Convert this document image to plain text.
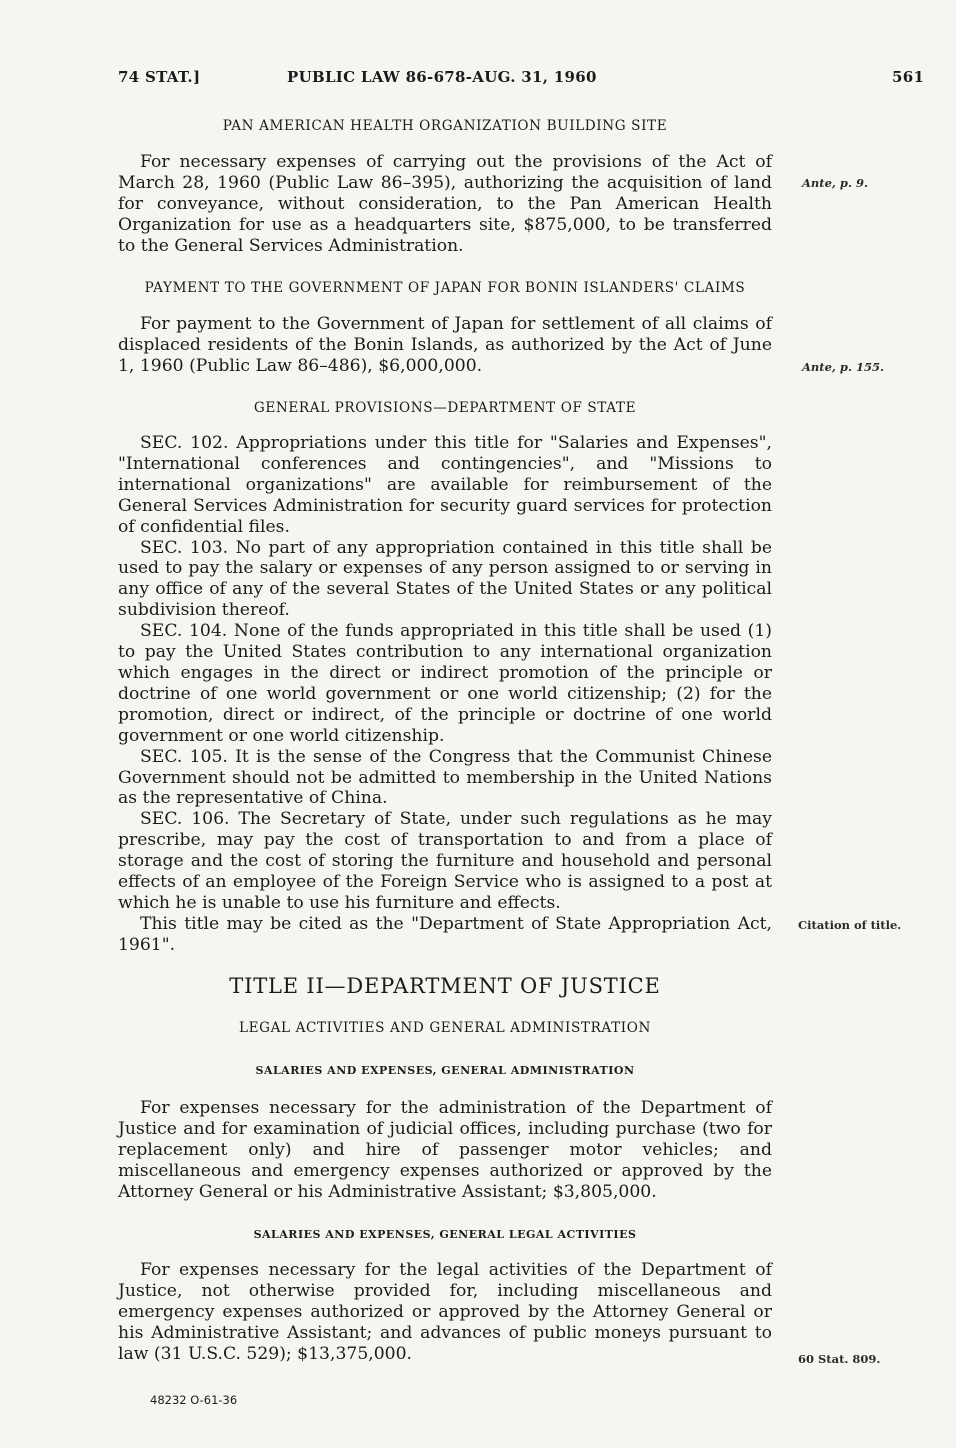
74 STAT.]	PUBLIC LAW 86-678-AUG. 31, 1960	561

PAN AMERICAN HEALTH ORGANIZATION BUILDING SITE

For necessary expenses of carrying out the provisions of the Act of March 28, 1960 (Public Law 86–395), authorizing the acquisition of land for conveyance, without consideration, to the Pan American Health Organization for use as a headquarters site, $875,000, to be transferred to the General Services Administration.

PAYMENT TO THE GOVERNMENT OF JAPAN FOR BONIN ISLANDERS' CLAIMS

For payment to the Government of Japan for settlement of all claims of displaced residents of the Bonin Islands, as authorized by the Act of June 1, 1960 (Public Law 86–486), $6,000,000.

GENERAL PROVISIONS—DEPARTMENT OF STATE

SEC. 102. Appropriations under this title for "Salaries and Expenses", "International conferences and contingencies", and "Missions to international organizations" are available for reimbursement of the General Services Administration for security guard services for protection of confidential files.

SEC. 103. No part of any appropriation contained in this title shall be used to pay the salary or expenses of any person assigned to or serving in any office of any of the several States of the United States or any political subdivision thereof.

SEC. 104. None of the funds appropriated in this title shall be used (1) to pay the United States contribution to any international organization which engages in the direct or indirect promotion of the principle or doctrine of one world government or one world citizenship; (2) for the promotion, direct or indirect, of the principle or doctrine of one world government or one world citizenship.

SEC. 105. It is the sense of the Congress that the Communist Chinese Government should not be admitted to membership in the United Nations as the representative of China.

SEC. 106. The Secretary of State, under such regulations as he may prescribe, may pay the cost of transportation to and from a place of storage and the cost of storing the furniture and household and personal effects of an employee of the Foreign Service who is assigned to a post at which he is unable to use his furniture and effects.

This title may be cited as the "Department of State Appropriation Act, 1961".

TITLE II—DEPARTMENT OF JUSTICE

LEGAL ACTIVITIES AND GENERAL ADMINISTRATION

SALARIES AND EXPENSES, GENERAL ADMINISTRATION

For expenses necessary for the administration of the Department of Justice and for examination of judicial offices, including purchase (two for replacement only) and hire of passenger motor vehicles; and miscellaneous and emergency expenses authorized or approved by the Attorney General or his Administrative Assistant; $3,805,000.

SALARIES AND EXPENSES, GENERAL LEGAL ACTIVITIES

For expenses necessary for the legal activities of the Department of Justice, not otherwise provided for, including miscellaneous and emergency expenses authorized or approved by the Attorney General or his Administrative Assistant; and advances of public moneys pursuant to law (31 U.S.C. 529); $13,375,000.

Ante, p. 9.
Ante, p. 155.
Citation of title.
60 Stat. 809.
48232 O-61-36
